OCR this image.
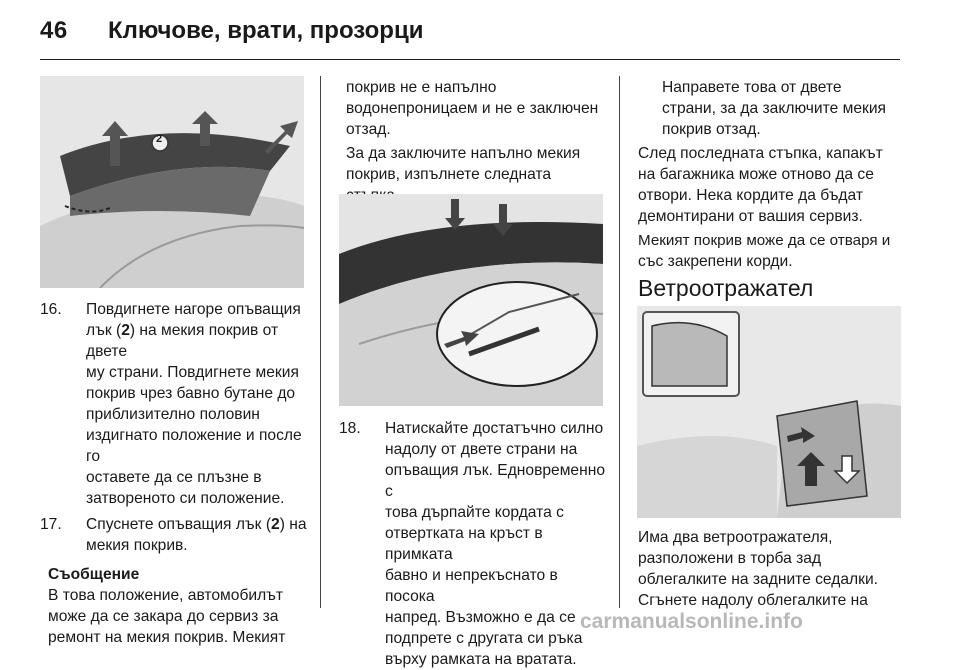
46 Ключове, врати, прозорци
2
16. Повдигнете нагоре опъващия
лък (2) на мекия покрив от двете
му страни. Повдигнете мекия
покрив чрез бавно бутане до
приблизително половин
издигнато положение и после го
оставете да се плъзне в
затвореното си положение.
17. Спуснете опъващия лък (2) на
мекия покрив.
Съобщение
В това положение, автомобилът
може да се закара до сервиз за
ремонт на мекия покрив. Мекият
покрив не е напълно
водонепроницаем и не е заключен
отзад.
За да заключите напълно мекия
покрив, изпълнете следната
18. Натискайте достатъчно силно
надолу от двете страни на
опъващия лък. Едновременно с
това дърпайте кордата с
отвертката на кръст в примката
бавно и непрекъснато в посока
напред. Възможно е да се
подпрете с другата си ръка
върху рамката на вратата.
Направете това от двете
страни, за да заключите мекия
покрив отзад.
След последната стъпка, капакът
на багажника може отново да се
отвори. Нека кордите да бъдат
демонтирани от вашия сервиз.
Мекият покрив може да се отваря и
със закрепени корди.
Ветроотражател
Има два ветроотражателя,
разположени в торба зад
облегалките на задните седалки.
Сгънете надолу облегалките на
carmanualsonline.info
